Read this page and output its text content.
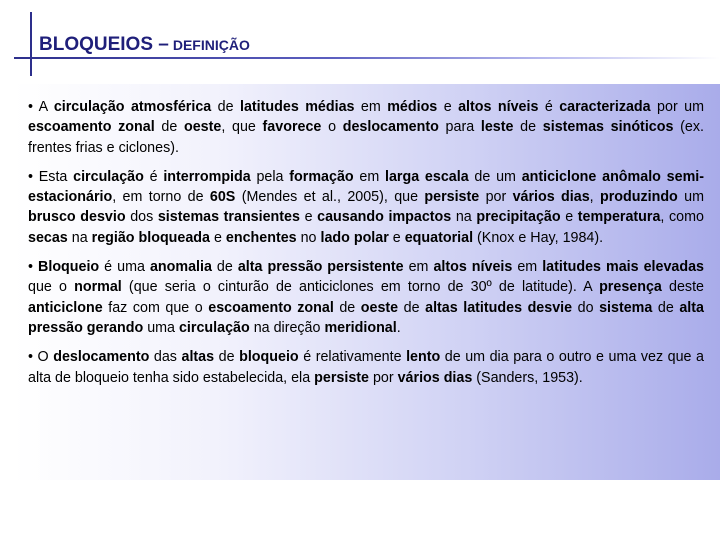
BLOQUEIOS – DEFINIÇÃO

• A circulação atmosférica de latitudes médias em médios e altos níveis é caracterizada por um escoamento zonal de oeste, que favorece o deslocamento para leste de sistemas sinóticos (ex. frentes frias e ciclones).

• Esta circulação é interrompida pela formação em larga escala de um anticiclone anômalo semi-estacionário, em torno de 60S (Mendes et al., 2005), que persiste por vários dias, produzindo um brusco desvio dos sistemas transientes e causando impactos na precipitação e temperatura, como secas na região bloqueada e enchentes no lado polar e equatorial (Knox e Hay, 1984).

• Bloqueio é uma anomalia de alta pressão persistente em altos níveis em latitudes mais elevadas que o normal (que seria o cinturão de anticiclones em torno de 30º de latitude). A presença deste anticiclone faz com que o escoamento zonal de oeste de altas latitudes desvie do sistema de alta pressão gerando uma circulação na direção meridional.

• O deslocamento das altas de bloqueio é relativamente lento de um dia para o outro e uma vez que a alta de bloqueio tenha sido estabelecida, ela persiste por vários dias (Sanders, 1953).
